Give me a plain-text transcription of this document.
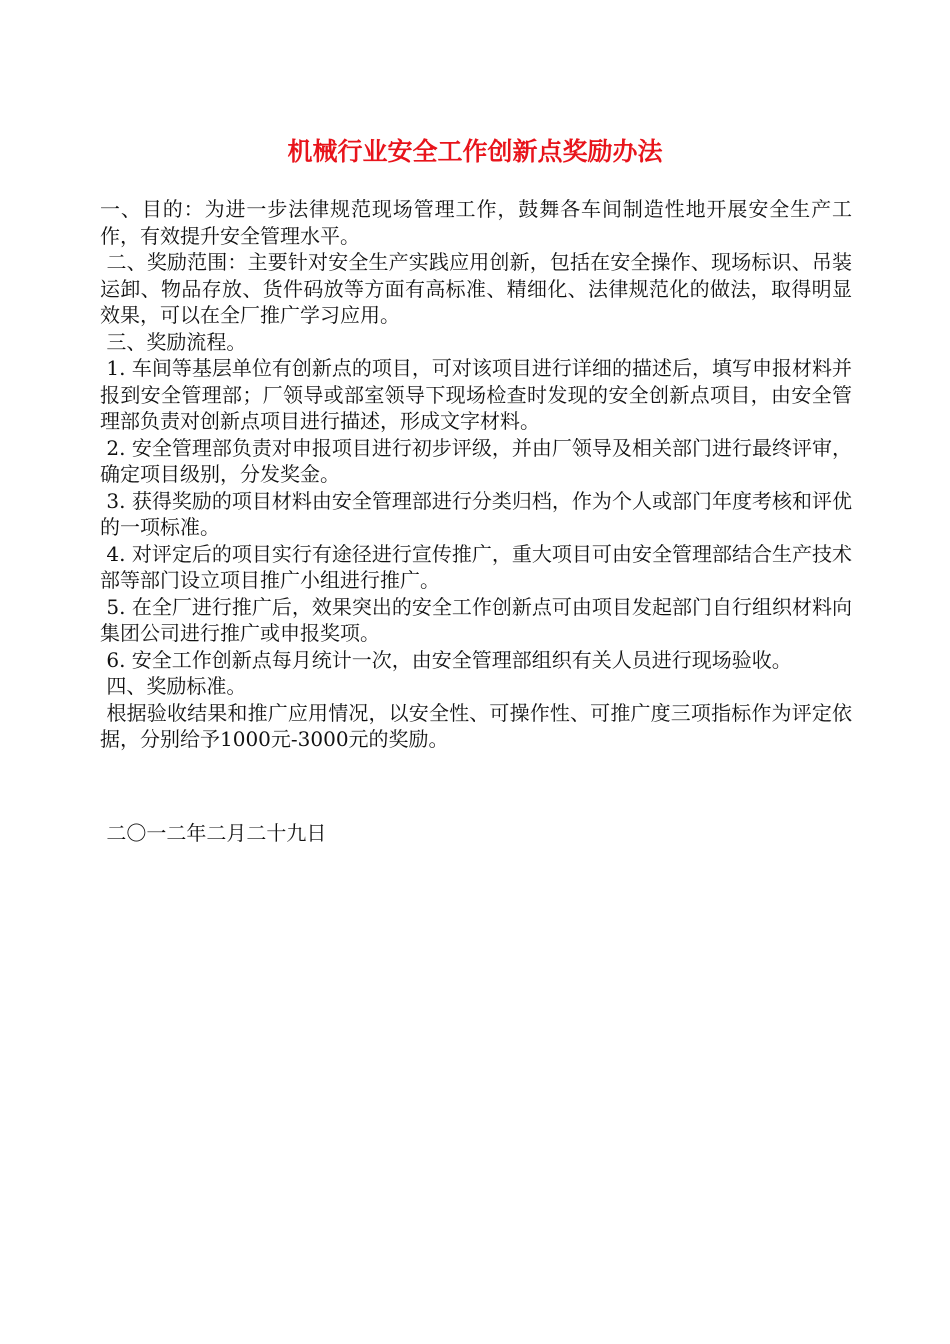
机械行业安全工作创新点奖励办法

一、目的：为进一步法律规范现场管理工作，鼓舞各车间制造性地开展安全生产工作，有效提升安全管理水平。

二、奖励范围：主要针对安全生产实践应用创新，包括在安全操作、现场标识、吊装运卸、物品存放、货件码放等方面有高标准、精细化、法律规范化的做法，取得明显效果，可以在全厂推广学习应用。

三、奖励流程。

1. 车间等基层单位有创新点的项目，可对该项目进行详细的描述后，填写申报材料并报到安全管理部；厂领导或部室领导下现场检查时发现的安全创新点项目，由安全管理部负责对创新点项目进行描述，形成文字材料。

2. 安全管理部负责对申报项目进行初步评级，并由厂领导及相关部门进行最终评审，确定项目级别，分发奖金。

3. 获得奖励的项目材料由安全管理部进行分类归档，作为个人或部门年度考核和评优的一项标准。

4. 对评定后的项目实行有途径进行宣传推广，重大项目可由安全管理部结合生产技术部等部门设立项目推广小组进行推广。

5. 在全厂进行推广后，效果突出的安全工作创新点可由项目发起部门自行组织材料向集团公司进行推广或申报奖项。

6. 安全工作创新点每月统计一次，由安全管理部组织有关人员进行现场验收。

四、奖励标准。

根据验收结果和推广应用情况，以安全性、可操作性、可推广度三项指标作为评定依据，分别给予1000元-3000元的奖励。

二〇一二年二月二十九日
